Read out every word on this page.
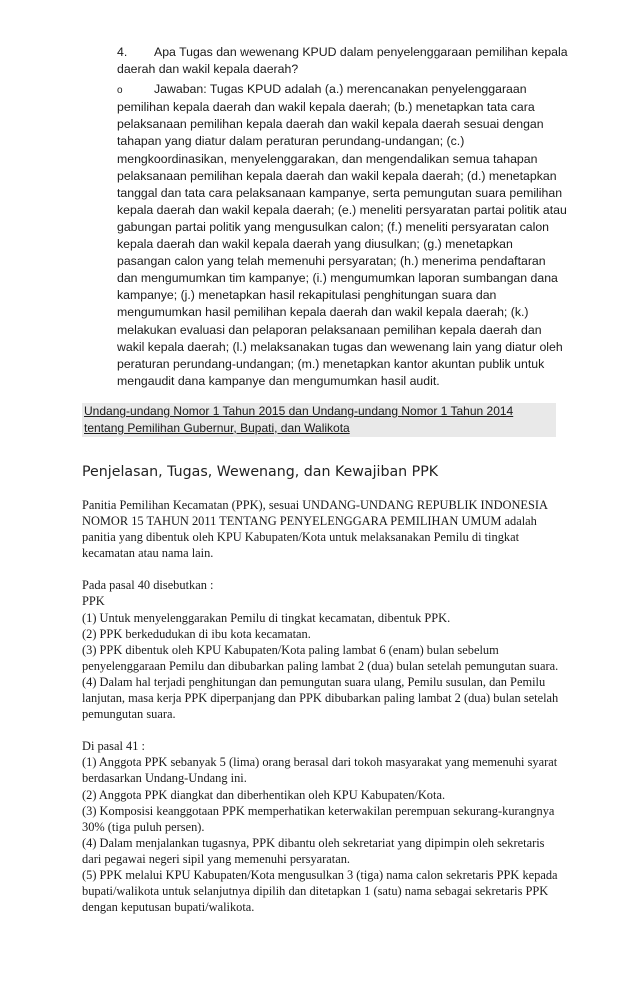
4. Apa Tugas dan wewenang KPUD dalam penyelenggaraan pemilihan kepala daerah dan wakil kepala daerah?

o	Jawaban: Tugas KPUD adalah (a.) merencanakan penyelenggaraan pemilihan kepala daerah dan wakil kepala daerah; (b.) menetapkan tata cara pelaksanaan pemilihan kepala daerah dan wakil kepala daerah sesuai dengan tahapan yang diatur dalam peraturan perundang-undangan; (c.) mengkoordinasikan, menyelenggarakan, dan mengendalikan semua tahapan pelaksanaan pemilihan kepala daerah dan wakil kepala daerah; (d.) menetapkan tanggal dan tata cara pelaksanaan kampanye, serta pemungutan suara pemilihan kepala daerah dan wakil kepala daerah; (e.) meneliti persyaratan partai politik atau gabungan partai politik yang mengusulkan calon; (f.) meneliti persyaratan calon kepala daerah dan wakil kepala daerah yang diusulkan; (g.) menetapkan pasangan calon yang telah memenuhi persyaratan; (h.) menerima pendaftaran dan mengumumkan tim kampanye; (i.) mengumumkan laporan sumbangan dana kampanye; (j.) menetapkan hasil rekapitulasi penghitungan suara dan mengumumkan hasil pemilihan kepala daerah dan wakil kepala daerah; (k.) melakukan evaluasi dan pelaporan pelaksanaan pemilihan kepala daerah dan wakil kepala daerah; (l.) melaksanakan tugas dan wewenang lain yang diatur oleh peraturan perundang-undangan; (m.) menetapkan kantor akuntan publik untuk mengaudit dana kampanye dan mengumumkan hasil audit.

Undang-undang Nomor 1 Tahun 2015 dan Undang-undang Nomor 1 Tahun 2014 tentang Pemilihan Gubernur, Bupati, dan Walikota
Penjelasan, Tugas, Wewenang, dan Kewajiban PPK

Panitia Pemilihan Kecamatan (PPK), sesuai UNDANG-UNDANG REPUBLIK INDONESIA NOMOR 15 TAHUN 2011 TENTANG PENYELENGGARA PEMILIHAN UMUM adalah panitia yang dibentuk oleh KPU Kabupaten/Kota untuk melaksanakan Pemilu di tingkat kecamatan atau nama lain.

Pada pasal 40 disebutkan :

PPK

(1) Untuk menyelenggarakan Pemilu di tingkat kecamatan, dibentuk PPK.

(2) PPK berkedudukan di ibu kota kecamatan.

(3) PPK dibentuk oleh KPU Kabupaten/Kota paling lambat 6 (enam) bulan sebelum penyelenggaraan Pemilu dan dibubarkan paling lambat 2 (dua) bulan setelah pemungutan suara.

(4) Dalam hal terjadi penghitungan dan pemungutan suara ulang, Pemilu susulan, dan Pemilu lanjutan, masa kerja PPK diperpanjang dan PPK dibubarkan paling lambat 2 (dua) bulan setelah pemungutan suara.

Di pasal 41 :

(1) Anggota PPK sebanyak 5 (lima) orang berasal dari tokoh masyarakat yang memenuhi syarat berdasarkan Undang-Undang ini.

(2) Anggota PPK diangkat dan diberhentikan oleh KPU Kabupaten/Kota.

(3) Komposisi keanggotaan PPK memperhatikan keterwakilan perempuan sekurang-kurangnya 30% (tiga puluh persen).

(4) Dalam menjalankan tugasnya, PPK dibantu oleh sekretariat yang dipimpin oleh sekretaris dari pegawai negeri sipil yang memenuhi persyaratan.

(5) PPK melalui KPU Kabupaten/Kota mengusulkan 3 (tiga) nama calon sekretaris PPK kepada bupati/walikota untuk selanjutnya dipilih dan ditetapkan 1 (satu) nama sebagai sekretaris PPK dengan keputusan bupati/walikota.
